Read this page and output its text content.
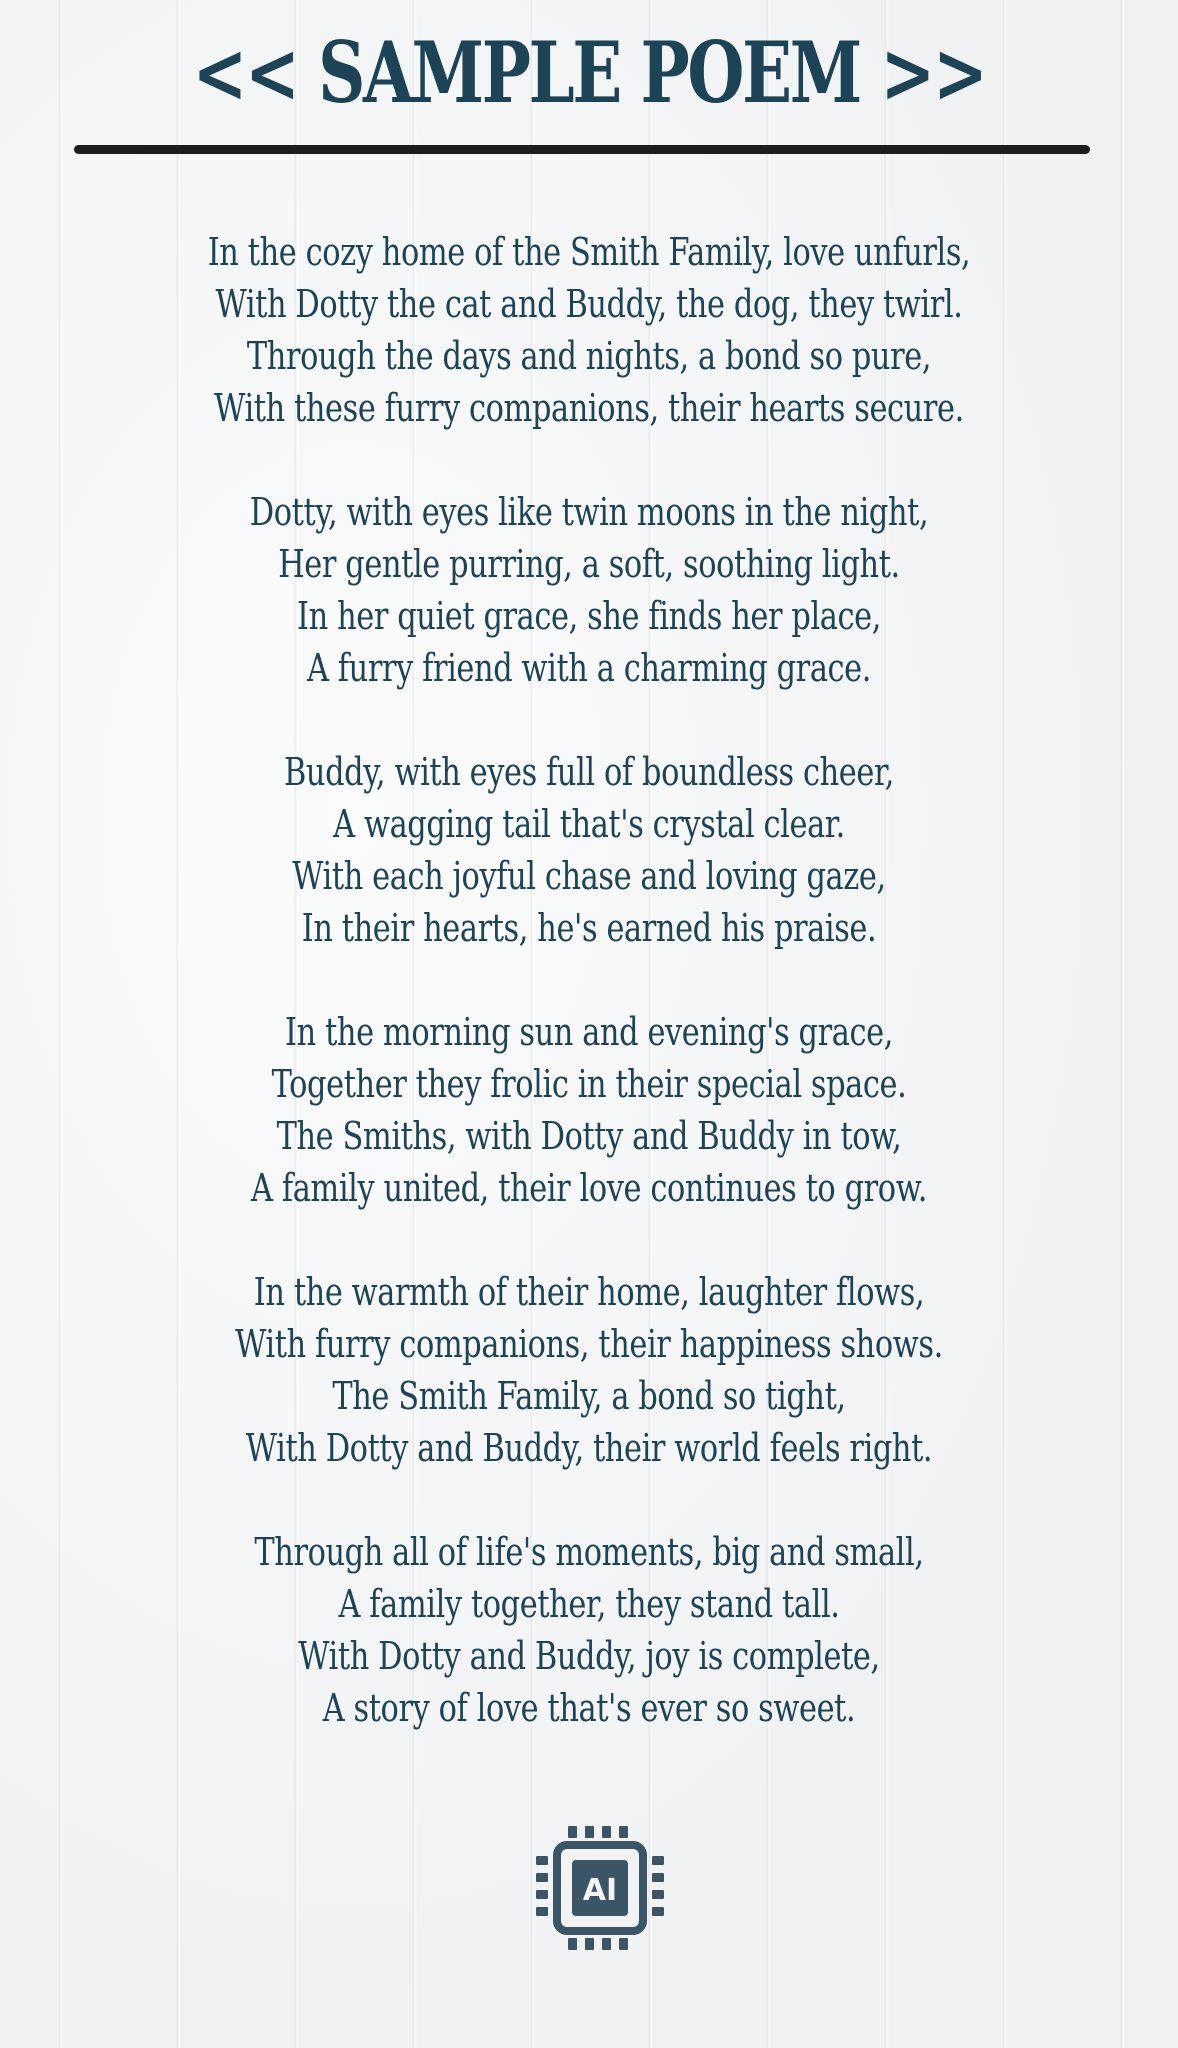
<< SAMPLE POEM >>
In the cozy home of the Smith Family, love unfurls,
With Dotty the cat and Buddy, the dog, they twirl.
Through the days and nights, a bond so pure,
With these furry companions, their hearts secure.
Dotty, with eyes like twin moons in the night,
Her gentle purring, a soft, soothing light.
In her quiet grace, she finds her place,
A furry friend with a charming grace.
Buddy, with eyes full of boundless cheer,
A wagging tail that's crystal clear.
With each joyful chase and loving gaze,
In their hearts, he's earned his praise.
In the morning sun and evening's grace,
Together they frolic in their special space.
The Smiths, with Dotty and Buddy in tow,
A family united, their love continues to grow.
In the warmth of their home, laughter flows,
With furry companions, their happiness shows.
The Smith Family, a bond so tight,
With Dotty and Buddy, their world feels right.
Through all of life's moments, big and small,
A family together, they stand tall.
With Dotty and Buddy, joy is complete,
A story of love that's ever so sweet.
AI
